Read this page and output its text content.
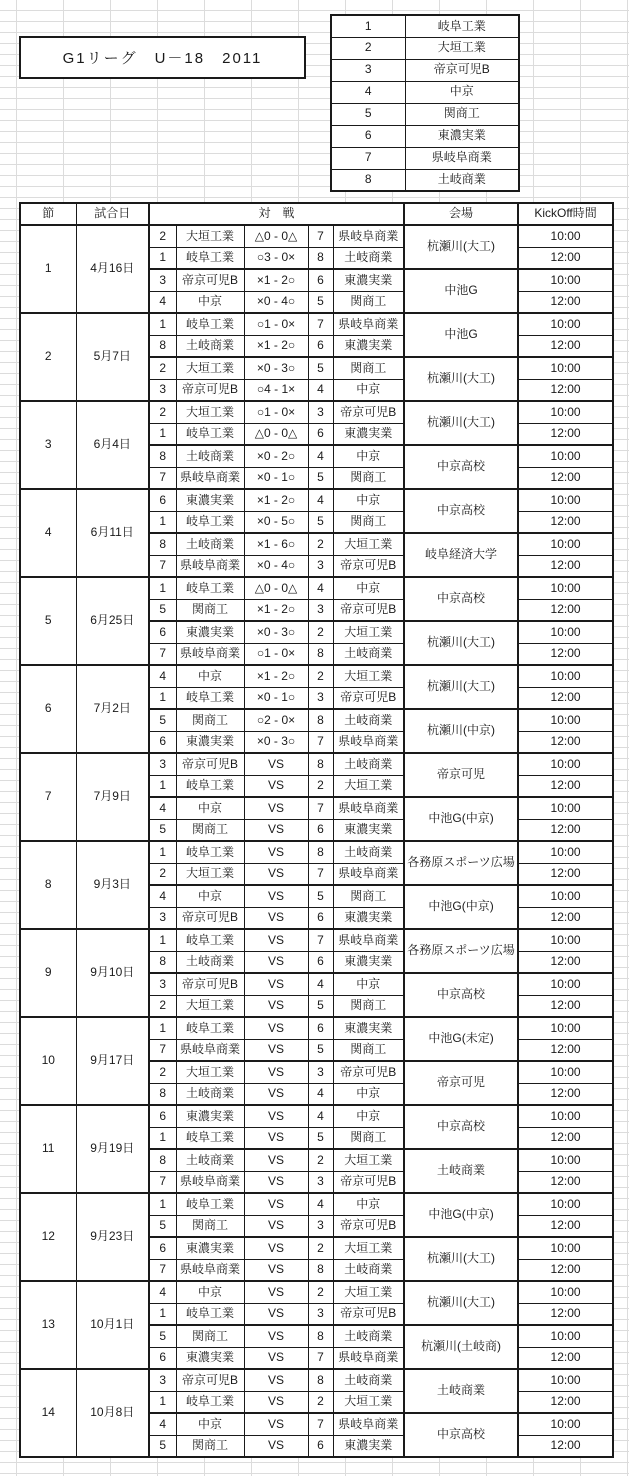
G1リーグ　U－18　2011
1	岐阜工業
2	大垣工業
3	帝京可児B
4	中京
5	関商工
6	東濃実業
7	県岐阜商業
8	土岐商業
節	試合日	対　戦					会場	KickOff時間
1	4月16日	2	大垣工業	△0 - 0△	7	県岐阜商業	杭瀬川(大工)	10:00
		1	岐阜工業	○3 - 0×	8	土岐商業		12:00
		3	帝京可児B	×1 - 2○	6	東濃実業	中池G	10:00
		4	中京	×0 - 4○	5	関商工		12:00
2	5月7日	1	岐阜工業	○1 - 0×	7	県岐阜商業	中池G	10:00
		8	土岐商業	×1 - 2○	6	東濃実業		12:00
		2	大垣工業	×0 - 3○	5	関商工	杭瀬川(大工)	10:00
		3	帝京可児B	○4 - 1×	4	中京		12:00
3	6月4日	2	大垣工業	○1 - 0×	3	帝京可児B	杭瀬川(大工)	10:00
		1	岐阜工業	△0 - 0△	6	東濃実業		12:00
		8	土岐商業	×0 - 2○	4	中京	中京高校	10:00
		7	県岐阜商業	×0 - 1○	5	関商工		12:00
4	6月11日	6	東濃実業	×1 - 2○	4	中京	中京高校	10:00
		1	岐阜工業	×0 - 5○	5	関商工		12:00
		8	土岐商業	×1 - 6○	2	大垣工業	岐阜経済大学	10:00
		7	県岐阜商業	×0 - 4○	3	帝京可児B		12:00
5	6月25日	1	岐阜工業	△0 - 0△	4	中京	中京高校	10:00
		5	関商工	×1 - 2○	3	帝京可児B		12:00
		6	東濃実業	×0 - 3○	2	大垣工業	杭瀬川(大工)	10:00
		7	県岐阜商業	○1 - 0×	8	土岐商業		12:00
6	7月2日	4	中京	×1 - 2○	2	大垣工業	杭瀬川(大工)	10:00
		1	岐阜工業	×0 - 1○	3	帝京可児B		12:00
		5	関商工	○2 - 0×	8	土岐商業	杭瀬川(中京)	10:00
		6	東濃実業	×0 - 3○	7	県岐阜商業		12:00
7	7月9日	3	帝京可児B	VS	8	土岐商業	帝京可児	10:00
		1	岐阜工業	VS	2	大垣工業		12:00
		4	中京	VS	7	県岐阜商業	中池G(中京)	10:00
		5	関商工	VS	6	東濃実業		12:00
8	9月3日	1	岐阜工業	VS	8	土岐商業	各務原スポーツ広場	10:00
		2	大垣工業	VS	7	県岐阜商業		12:00
		4	中京	VS	5	関商工	中池G(中京)	10:00
		3	帝京可児B	VS	6	東濃実業		12:00
9	9月10日	1	岐阜工業	VS	7	県岐阜商業	各務原スポーツ広場	10:00
		8	土岐商業	VS	6	東濃実業		12:00
		3	帝京可児B	VS	4	中京	中京高校	10:00
		2	大垣工業	VS	5	関商工		12:00
10	9月17日	1	岐阜工業	VS	6	東濃実業	中池G(未定)	10:00
		7	県岐阜商業	VS	5	関商工		12:00
		2	大垣工業	VS	3	帝京可児B	帝京可児	10:00
		8	土岐商業	VS	4	中京		12:00
11	9月19日	6	東濃実業	VS	4	中京	中京高校	10:00
		1	岐阜工業	VS	5	関商工		12:00
		8	土岐商業	VS	2	大垣工業	土岐商業	10:00
		7	県岐阜商業	VS	3	帝京可児B		12:00
12	9月23日	1	岐阜工業	VS	4	中京	中池G(中京)	10:00
		5	関商工	VS	3	帝京可児B		12:00
		6	東濃実業	VS	2	大垣工業	杭瀬川(大工)	10:00
		7	県岐阜商業	VS	8	土岐商業		12:00
13	10月1日	4	中京	VS	2	大垣工業	杭瀬川(大工)	10:00
		1	岐阜工業	VS	3	帝京可児B		12:00
		5	関商工	VS	8	土岐商業	杭瀬川(土岐商)	10:00
		6	東濃実業	VS	7	県岐阜商業		12:00
14	10月8日	3	帝京可児B	VS	8	土岐商業	土岐商業	10:00
		1	岐阜工業	VS	2	大垣工業		12:00
		4	中京	VS	7	県岐阜商業	中京高校	10:00
		5	関商工	VS	6	東濃実業		12:00
